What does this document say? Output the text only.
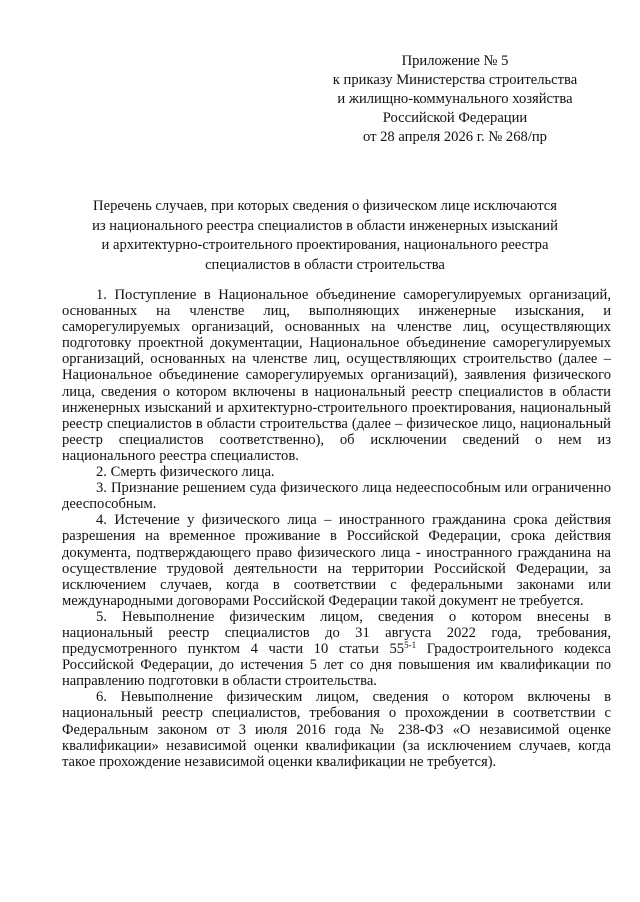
Приложение № 5
к приказу Министерства строительства
и жилищно-коммунального хозяйства
Российской Федерации
от 28 апреля 2026 г. № 268/пр
Перечень случаев, при которых сведения о физическом лице исключаются
из национального реестра специалистов в области инженерных изысканий
и архитектурно-строительного проектирования, национального реестра
специалистов в области строительства

1. Поступление в Национальное объединение саморегулируемых организаций, основанных на членстве лиц, выполняющих инженерные изыскания, и саморегулируемых организаций, основанных на членстве лиц, осуществляющих подготовку проектной документации, Национальное объединение саморегулируемых организаций, основанных на членстве лиц, осуществляющих строительство (далее – Национальное объединение саморегулируемых организаций), заявления физического лица, сведения о котором включены в национальный реестр специалистов в области инженерных изысканий и архитектурно-строительного проектирования, национальный реестр специалистов в области строительства (далее – физическое лицо, национальный реестр специалистов соответственно), об исключении сведений о нем из национального реестра специалистов.

2. Смерть физического лица.

3. Признание решением суда физического лица недееспособным или ограниченно дееспособным.

4. Истечение у физического лица – иностранного гражданина срока действия разрешения на временное проживание в Российской Федерации, срока действия документа, подтверждающего право физического лица - иностранного гражданина на осуществление трудовой деятельности на территории Российской Федерации, за исключением случаев, когда в соответствии с федеральными законами или международными договорами Российской Федерации такой документ не требуется.

5. Невыполнение физическим лицом, сведения о котором внесены в национальный реестр специалистов до 31 августа 2022 года, требования, предусмотренного пунктом 4 части 10 статьи 55$^{5-1}$ Градостроительного кодекса Российской Федерации, до истечения 5 лет со дня повышения им квалификации по направлению подготовки в области строительства.

6. Невыполнение физическим лицом, сведения о котором включены в национальный реестр специалистов, требования о прохождении в соответствии с Федеральным законом от 3 июля 2016 года № 238-ФЗ «О независимой оценке квалификации» независимой оценки квалификации (за исключением случаев, когда такое прохождение независимой оценки квалификации не требуется).
